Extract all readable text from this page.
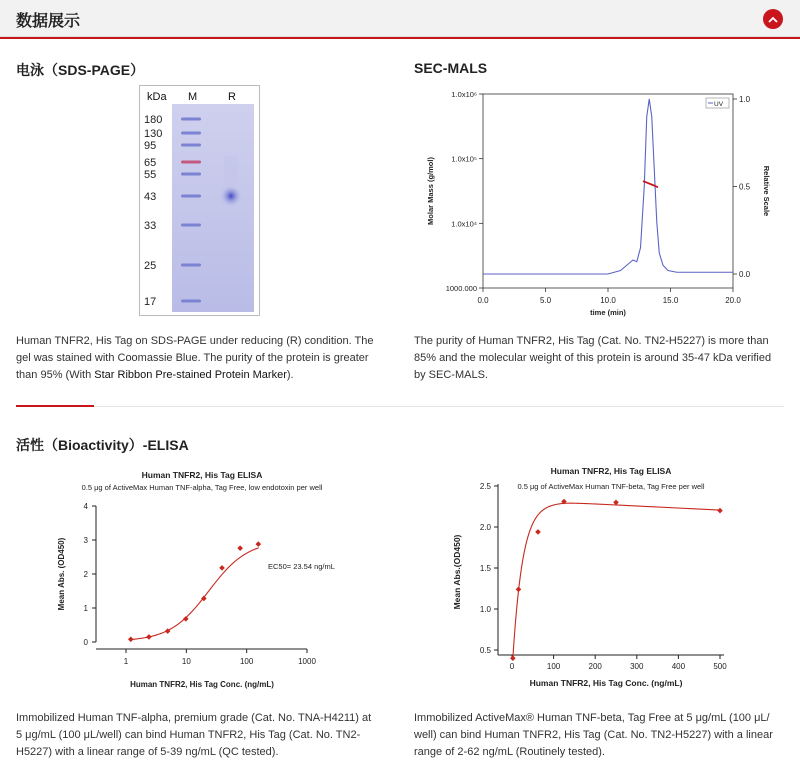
数据展示
电泳（SDS-PAGE）
kDa M	R
180
130
95
65
55
43
33
25
17
Human TNFR2, His Tag on SDS-PAGE under reducing (R) condition. The
gel was stained with Coomassie Blue. The purity of the protein is greater
than 95% (With Star Ribbon Pre-stained Protein Marker).
SEC-MALS
0.0	5.0	10.0	15.0	20.0
1000.000
1.0x10⁴
1.0x10⁵
1.0x10⁶
0.0
0.5
1.0
time (min)
Molar Mass (g/mol)	Relative Scale
UV
The purity of Human TNFR2, His Tag (Cat. No. TN2-H5227) is more than
85% and the molecular weight of this protein is around 35-47 kDa verified
by SEC-MALS.
活性（Bioactivity）-ELISA
Human TNFR2, His Tag ELISA
0.5 μg of ActiveMax Human TNF-alpha, Tag Free, low endotoxin per well
0
1
2
3
4
1	10	100	1000
Human TNFR2, His Tag Conc. (ng/mL)
Mean Abs. (OD450)	EC50= 23.54 ng/mL
Human TNFR2, His Tag ELISA
0.5 μg of ActiveMax Human TNF-beta, Tag Free per well
0.5
1.0
1.5
2.0
2.5
0	100	200	300	400	500
Human TNFR2, His Tag Conc. (ng/mL)
Mean Abs.(OD450)
Immobilized Human TNF-alpha, premium grade (Cat. No. TNA-H4211) at
5 μg/mL (100 μL/well) can bind Human TNFR2, His Tag (Cat. No. TN2-
H5227) with a linear range of 5-39 ng/mL (QC tested).
Immobilized ActiveMax® Human TNF-beta, Tag Free at 5 μg/mL (100 μL/
well) can bind Human TNFR2, His Tag (Cat. No. TN2-H5227) with a linear
range of 2-62 ng/mL (Routinely tested).
